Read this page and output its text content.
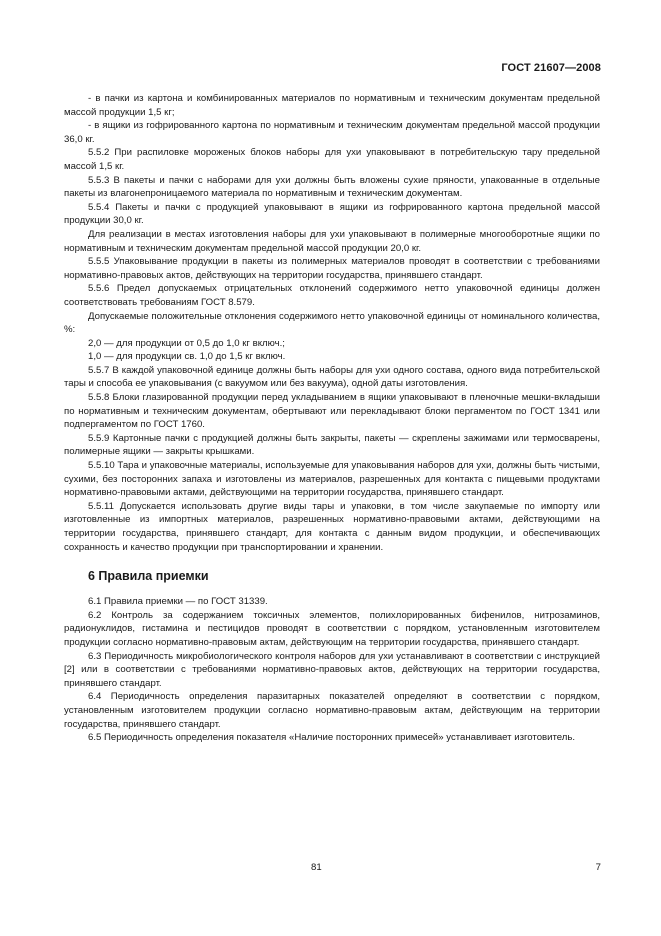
ГОСТ 21607—2008

- в пачки из картона и комбинированных материалов по нормативным и техническим документам предельной массой продукции 1,5 кг;

- в ящики из гофрированного картона по нормативным и техническим документам предельной массой продукции 36,0 кг.

5.5.2 При распиловке мороженых блоков наборы для ухи упаковывают в потребительскую тару предельной массой 1,5 кг.

5.5.3 В пакеты и пачки с наборами для ухи должны быть вложены сухие пряности, упакованные в отдельные пакеты из влагонепроницаемого материала по нормативным и техническим документам.

5.5.4 Пакеты и пачки с продукцией упаковывают в ящики из гофрированного картона предельной массой продукции 30,0 кг.

Для реализации в местах изготовления наборы для ухи упаковывают в полимерные многооборотные ящики по нормативным и техническим документам предельной массой продукции 20,0 кг.

5.5.5 Упаковывание продукции в пакеты из полимерных материалов проводят в соответствии с требованиями нормативно-правовых актов, действующих на территории государства, принявшего стандарт.

5.5.6 Предел допускаемых отрицательных отклонений содержимого нетто упаковочной единицы должен соответствовать требованиям ГОСТ 8.579.

Допускаемые положительные отклонения содержимого нетто упаковочной единицы от номинального количества, %:

2,0 — для продукции от 0,5 до 1,0 кг включ.;

1,0 — для продукции св. 1,0 до 1,5 кг включ.

5.5.7 В каждой упаковочной единице должны быть наборы для ухи одного состава, одного вида потребительской тары и способа ее упаковывания (с вакуумом или без вакуума), одной даты изготовления.

5.5.8 Блоки глазированной продукции перед укладыванием в ящики упаковывают в пленочные мешки-вкладыши по нормативным и техническим документам, обертывают или перекладывают блоки пергаментом по ГОСТ 1341 или подпергаментом по ГОСТ 1760.

5.5.9 Картонные пачки с продукцией должны быть закрыты, пакеты — скреплены зажимами или термосварены, полимерные ящики — закрыты крышками.

5.5.10 Тара и упаковочные материалы, используемые для упаковывания наборов для ухи, должны быть чистыми, сухими, без посторонних запаха и изготовлены из материалов, разрешенных для контакта с пищевыми продуктами нормативно-правовыми актами, действующими на территории государства, принявшего стандарт.

5.5.11 Допускается использовать другие виды тары и упаковки, в том числе закупаемые по импорту или изготовленные из импортных материалов, разрешенных нормативно-правовыми актами, действующими на территории государства, принявшего стандарт, для контакта с данным видом продукции, и обеспечивающих сохранность и качество продукции при транспортировании и хранении.

6 Правила приемки

6.1 Правила приемки — по ГОСТ 31339.

6.2 Контроль за содержанием токсичных элементов, полихлорированных бифенилов, нитрозаминов, радионуклидов, гистамина и пестицидов проводят в соответствии с порядком, установленным изготовителем продукции согласно нормативно-правовым актам, действующим на территории государства, принявшего стандарт.

6.3 Периодичность микробиологического контроля наборов для ухи устанавливают в соответствии с инструкцией [2] или в соответствии с требованиями нормативно-правовых актов, действующих на территории государства, принявшего стандарт.

6.4 Периодичность определения паразитарных показателей определяют в соответствии с порядком, установленным изготовителем продукции согласно нормативно-правовым актам, действующим на территории государства, принявшего стандарт.

6.5 Периодичность определения показателя «Наличие посторонних примесей» устанавливает изготовитель.

81	7
